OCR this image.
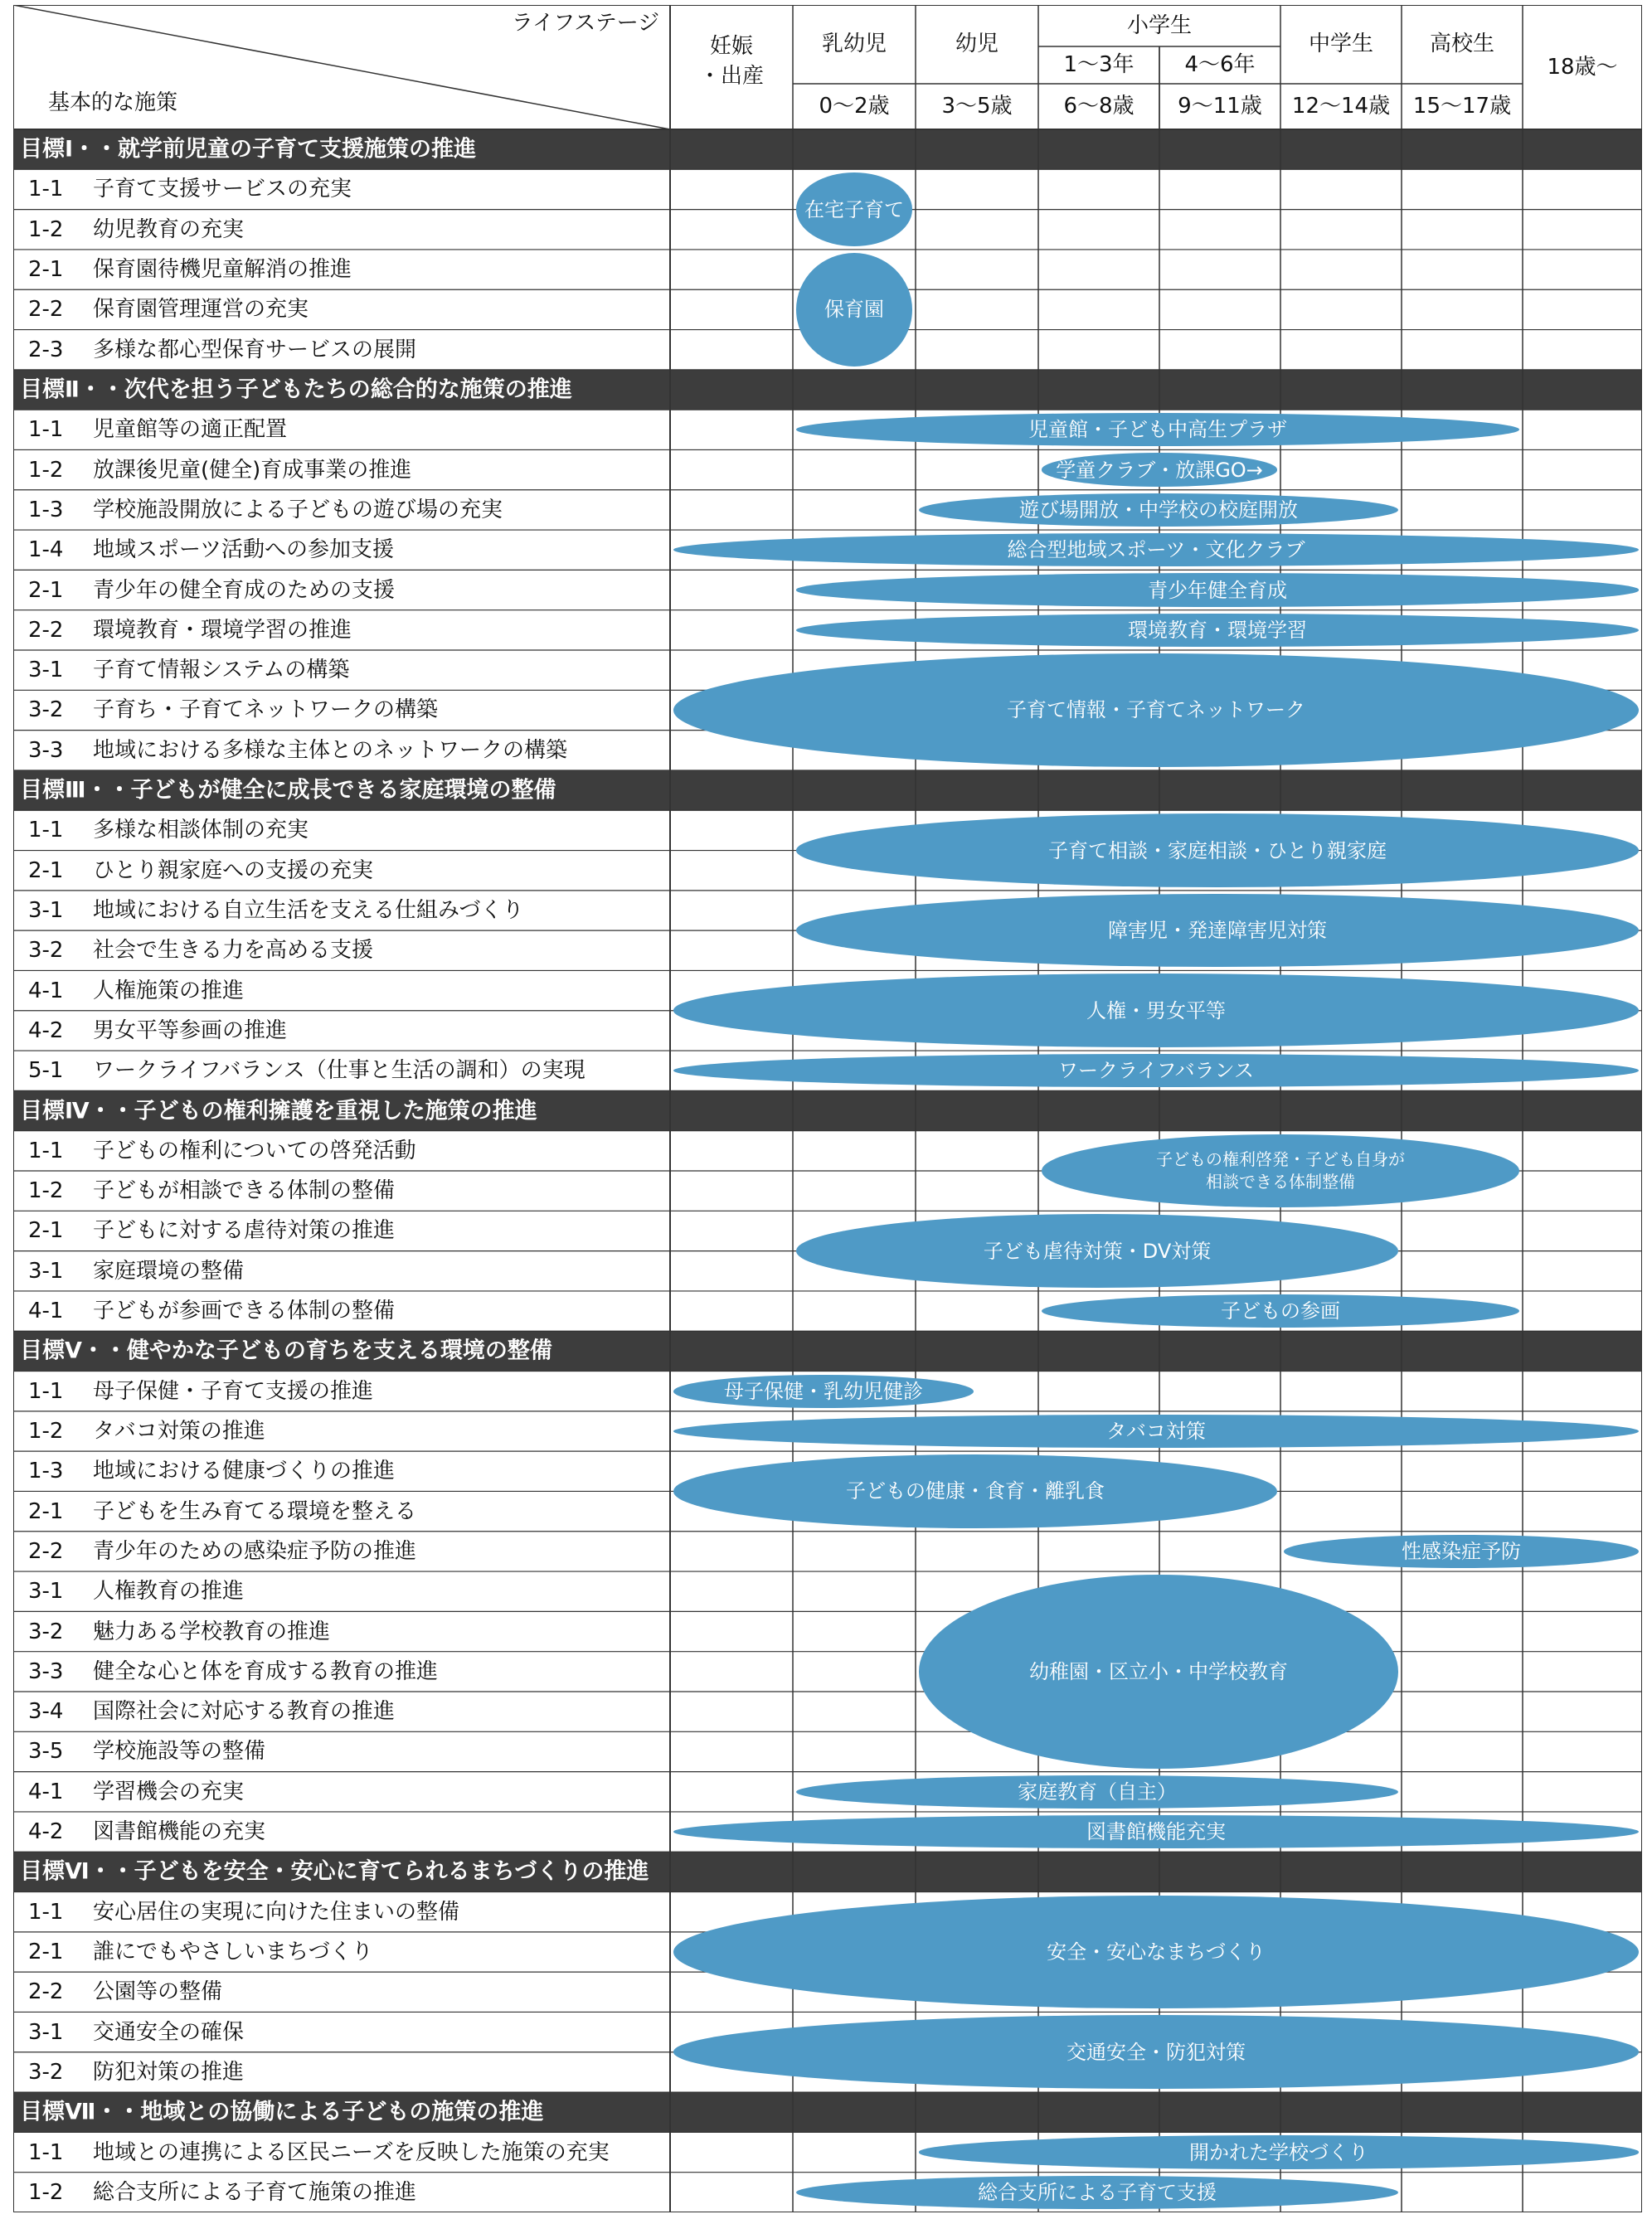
ライフステージ
基本的な施策
小学生
妊娠
・出産
乳幼児
0～2歳
幼児
3～5歳
1～3年
6～8歳
4～6年
9～11歳
中学生
12～14歳
高校生
15～17歳
18歳～
目標Ⅰ・・就学前児童の子育て支援施策の推進
1-1 子育て支援サービスの充実
1-2 幼児教育の充実
2-1 保育園待機児童解消の推進
2-2 保育園管理運営の充実
2-3 多様な都心型保育サービスの展開
目標Ⅱ・・次代を担う子どもたちの総合的な施策の推進
1-1 児童館等の適正配置
1-2 放課後児童(健全)育成事業の推進
1-3 学校施設開放による子どもの遊び場の充実
1-4 地域スポーツ活動への参加支援
2-1 青少年の健全育成のための支援
2-2 環境教育・環境学習の推進
3-1 子育て情報システムの構築
3-2 子育ち・子育てネットワークの構築
3-3 地域における多様な主体とのネットワークの構築
目標Ⅲ・・子どもが健全に成長できる家庭環境の整備
1-1 多様な相談体制の充実
2-1 ひとり親家庭への支援の充実
3-1 地域における自立生活を支える仕組みづくり
3-2 社会で生きる力を高める支援
4-1 人権施策の推進
4-2 男女平等参画の推進
5-1 ワークライフバランス（仕事と生活の調和）の実現
目標Ⅳ・・子どもの権利擁護を重視した施策の推進
1-1 子どもの権利についての啓発活動
1-2 子どもが相談できる体制の整備
2-1 子どもに対する虐待対策の推進
3-1 家庭環境の整備
4-1 子どもが参画できる体制の整備
目標Ⅴ・・健やかな子どもの育ちを支える環境の整備
1-1 母子保健・子育て支援の推進
1-2 タバコ対策の推進
1-3 地域における健康づくりの推進
2-1 子どもを生み育てる環境を整える
2-2 青少年のための感染症予防の推進
3-1 人権教育の推進
3-2 魅力ある学校教育の推進
3-3 健全な心と体を育成する教育の推進
3-4 国際社会に対応する教育の推進
3-5 学校施設等の整備
4-1 学習機会の充実
4-2 図書館機能の充実
目標Ⅵ・・子どもを安全・安心に育てられるまちづくりの推進
1-1 安心居住の実現に向けた住まいの整備
2-1 誰にでもやさしいまちづくり
2-2 公園等の整備
3-1 交通安全の確保
3-2 防犯対策の推進
目標Ⅶ・・地域との協働による子どもの施策の推進
1-1 地域との連携による区民ニーズを反映した施策の充実
1-2 総合支所による子育て施策の推進
在宅子育て
保育園
児童館・子ども中高生プラザ
学童クラブ・放課GO→
遊び場開放・中学校の校庭開放
総合型地域スポーツ・文化クラブ
青少年健全育成
環境教育・環境学習
子育て情報・子育てネットワーク
子育て相談・家庭相談・ひとり親家庭
障害児・発達障害児対策
人権・男女平等
ワークライフバランス
子どもの権利啓発・子ども自身が
相談できる体制整備
子ども虐待対策・DV対策
子どもの参画
母子保健・乳幼児健診
タバコ対策
子どもの健康・食育・離乳食
性感染症予防
幼稚園・区立小・中学校教育
家庭教育（自主）
図書館機能充実
安全・安心なまちづくり
交通安全・防犯対策
開かれた学校づくり
総合支所による子育て支援
